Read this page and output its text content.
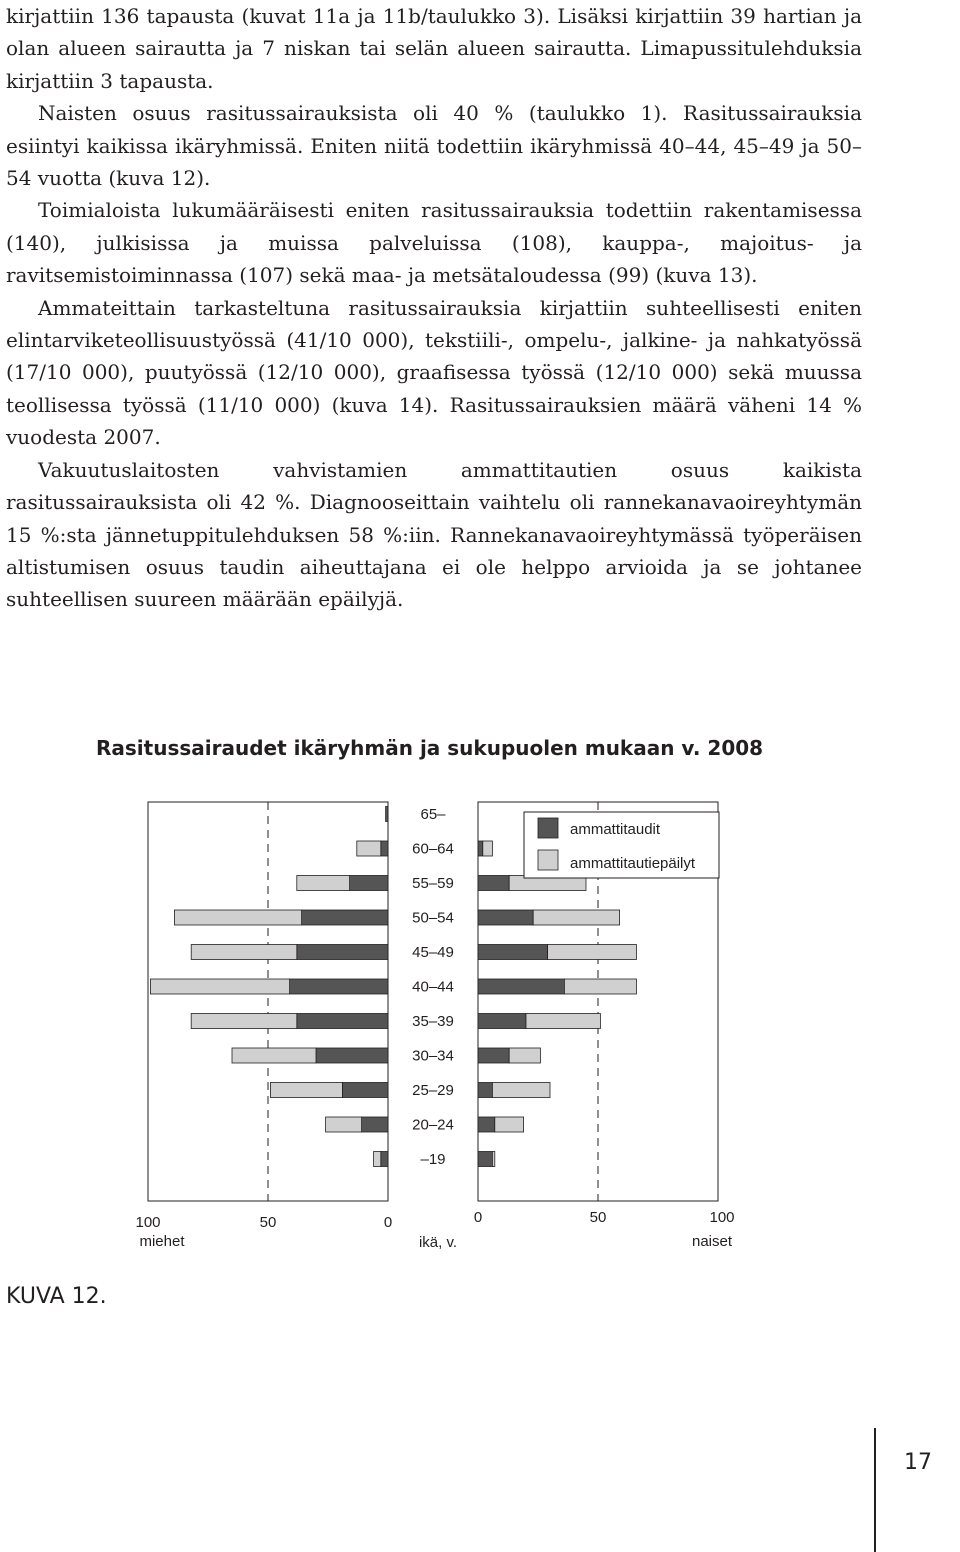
kirjattiin 136 tapausta (kuvat 11a ja 11b/taulukko 3). Lisäksi kirjattiin 39 hartian ja olan alueen sairautta ja 7 niskan tai selän alueen sairautta. Limapussitulehduksia kirjattiin 3 tapausta.

Naisten osuus rasitussairauksista oli 40 % (taulukko 1). Rasitussairauksia esiintyi kaikissa ikäryhmissä. Eniten niitä todettiin ikäryhmissä 40–44, 45–49 ja 50–54 vuotta (kuva 12).

Toimialoista lukumääräisesti eniten rasitussairauksia todettiin rakentamisessa (140), julkisissa ja muissa palveluissa (108), kauppa-, majoitus- ja ravitsemistoiminnassa (107) sekä maa- ja metsätaloudessa (99) (kuva 13).

Ammateittain tarkasteltuna rasitussairauksia kirjattiin suhteellisesti eniten elintarviketeollisuustyössä (41/10 000), tekstiili-, ompelu-, jalkine- ja nahkatyössä (17/10 000), puutyössä (12/10 000), graafisessa työssä (12/10 000) sekä muussa teollisessa työssä (11/10 000) (kuva 14). Rasitussairauksien määrä väheni 14 % vuodesta 2007.

Vakuutuslaitosten vahvistamien ammattitautien osuus kaikista rasitussairauksista oli 42 %. Diagnooseittain vaihtelu oli rannekanavaoireyhtymän 15 %:sta jännetuppitulehduksen 58 %:iin. Rannekanavaoireyhtymässä työperäisen altistumisen osuus taudin aiheuttajana ei ole helppo arvioida ja se johtanee suhteellisen suureen määrään epäilyjä.

Rasitussairaudet ikäryhmän ja sukupuolen mukaan v. 2008
65–
60–64
55–59
50–54
45–49
40–44
35–39
30–34
25–29
20–24
–19
ammattitaudit
ammattitautiepäilyt
100	50	0	0	50	100
miehet	ikä, v.	naiset
KUVA 12.
17
